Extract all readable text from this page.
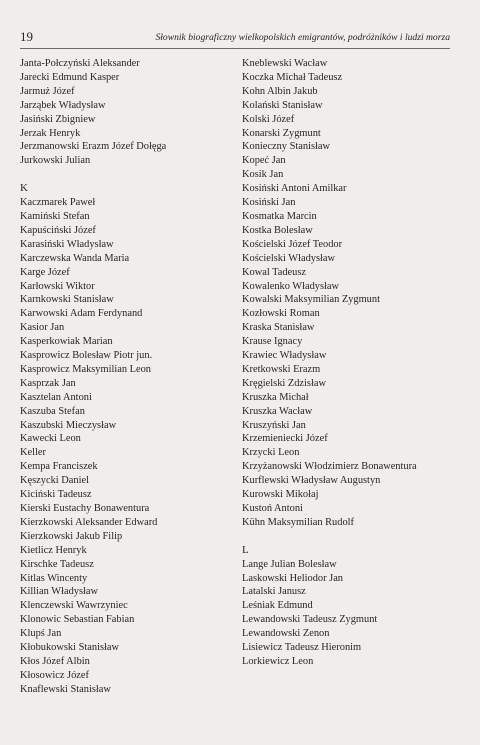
19	Słownik biograficzny wielkopolskich emigrantów, podróżników i ludzi morza
Janta-Połczyński Aleksander
Jarecki Edmund Kasper
Jarmuż Józef
Jarząbek Władysław
Jasiński Zbigniew
Jerzak Henryk
Jerzmanowski Erazm Józef Dołęga
Jurkowski Julian
K
Kaczmarek Paweł
Kamiński Stefan
Kapuściński Józef
Karasiński Władysław
Karczewska Wanda Maria
Karge Józef
Karłowski Wiktor
Karnkowski Stanisław
Karwowski Adam Ferdynand
Kasior Jan
Kasperkowiak Marian
Kasprowicz Bolesław Piotr jun.
Kasprowicz Maksymilian Leon
Kasprzak Jan
Kasztelan Antoni
Kaszuba Stefan
Kaszubski Mieczysław
Kawecki Leon
Keller
Kempa Franciszek
Kęszycki Daniel
Kiciński Tadeusz
Kierski Eustachy Bonawentura
Kierzkowski Aleksander Edward
Kierzkowski Jakub Filip
Kietlicz Henryk
Kirschke Tadeusz
Kitlas Wincenty
Killian Władysław
Klenczewski Wawrzyniec
Klonowic Sebastian Fabian
Klupś Jan
Kłobukowski Stanisław
Kłos Józef Albin
Kłosowicz Józef
Knaflewski Stanisław
Kneblewski Wacław
Koczka Michał Tadeusz
Kohn Albin Jakub
Kolański Stanisław
Kolski Józef
Konarski Zygmunt
Konieczny Stanisław
Kopeć Jan
Kosik Jan
Kosiński Antoni Amilkar
Kosiński Jan
Kosmatka Marcin
Kostka Bolesław
Kościelski Józef Teodor
Kościelski Władysław
Kowal Tadeusz
Kowalenko Władysław
Kowalski Maksymilian Zygmunt
Kozłowski Roman
Kraska Stanisław
Krause Ignacy
Krawiec Władysław
Kretkowski Erazm
Kręgielski Zdzisław
Kruszka Michał
Kruszka Wacław
Kruszyński Jan
Krzemieniecki Józef
Krzycki Leon
Krzyżanowski Włodzimierz Bonawentura
Kurflewski Władysław Augustyn
Kurowski Mikołaj
Kustoń Antoni
Kühn Maksymilian Rudolf
L
Lange Julian Bolesław
Laskowski Heliodor Jan
Latalski Janusz
Leśniak Edmund
Lewandowski Tadeusz Zygmunt
Lewandowski Zenon
Lisiewicz Tadeusz Hieronim
Lorkiewicz Leon
